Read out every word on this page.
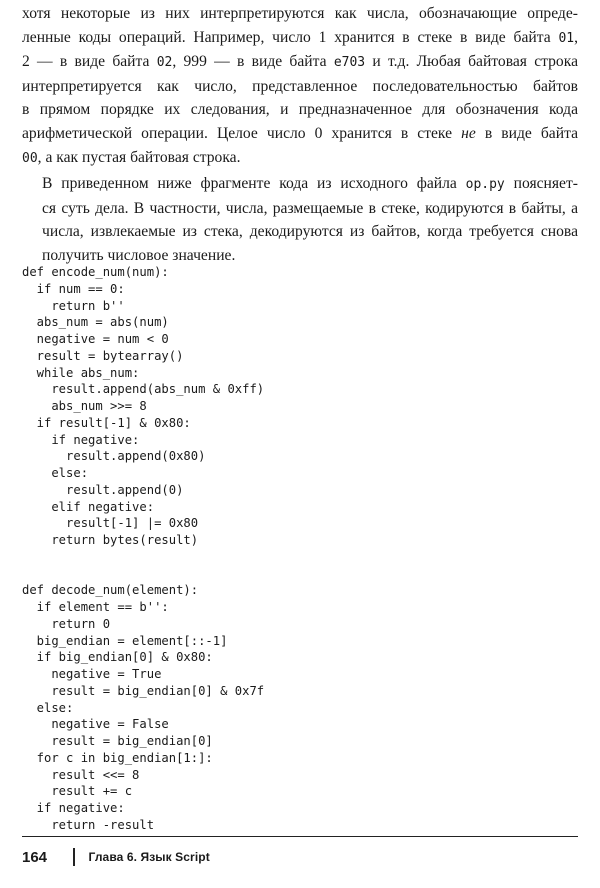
хотя некоторые из них интерпретируются как числа, обозначающие опреде-
ленные коды операций. Например, число 1 хранится в стеке в виде байта 01,
2 — в виде байта 02, 999 — в виде байта e703 и т.д. Любая байтовая строка
интерпретируется как число, представленное последовательностью байтов
в прямом порядке их следования, и предназначенное для обозначения кода
арифметической операции. Целое число 0 хранится в стеке не в виде байта
00, а как пустая байтовая строка.

В приведенном ниже фрагменте кода из исходного файла op.py поясняет-
ся суть дела. В частности, числа, размещаемые в стеке, кодируются в байты, а
числа, извлекаемые из стека, декодируются из байтов, когда требуется снова
получить числовое значение.

def encode_num(num):
if num == 0:
return b''
abs_num = abs(num)
negative = num < 0
result = bytearray()
while abs_num:
result.append(abs_num & 0xff)
abs_num >>= 8
if result[-1] & 0x80:
if negative:
result.append(0x80)
else:
result.append(0)
elif negative:
result[-1] |= 0x80
return bytes(result)
def decode_num(element):
if element == b'':
return 0
big_endian = element[::-1]
if big_endian[0] & 0x80:
negative = True
result = big_endian[0] & 0x7f
else:
negative = False
result = big_endian[0]
for c in big_endian[1:]:
result <<= 8
result += c
if negative:
return -result
164	Глава 6. Язык Script
